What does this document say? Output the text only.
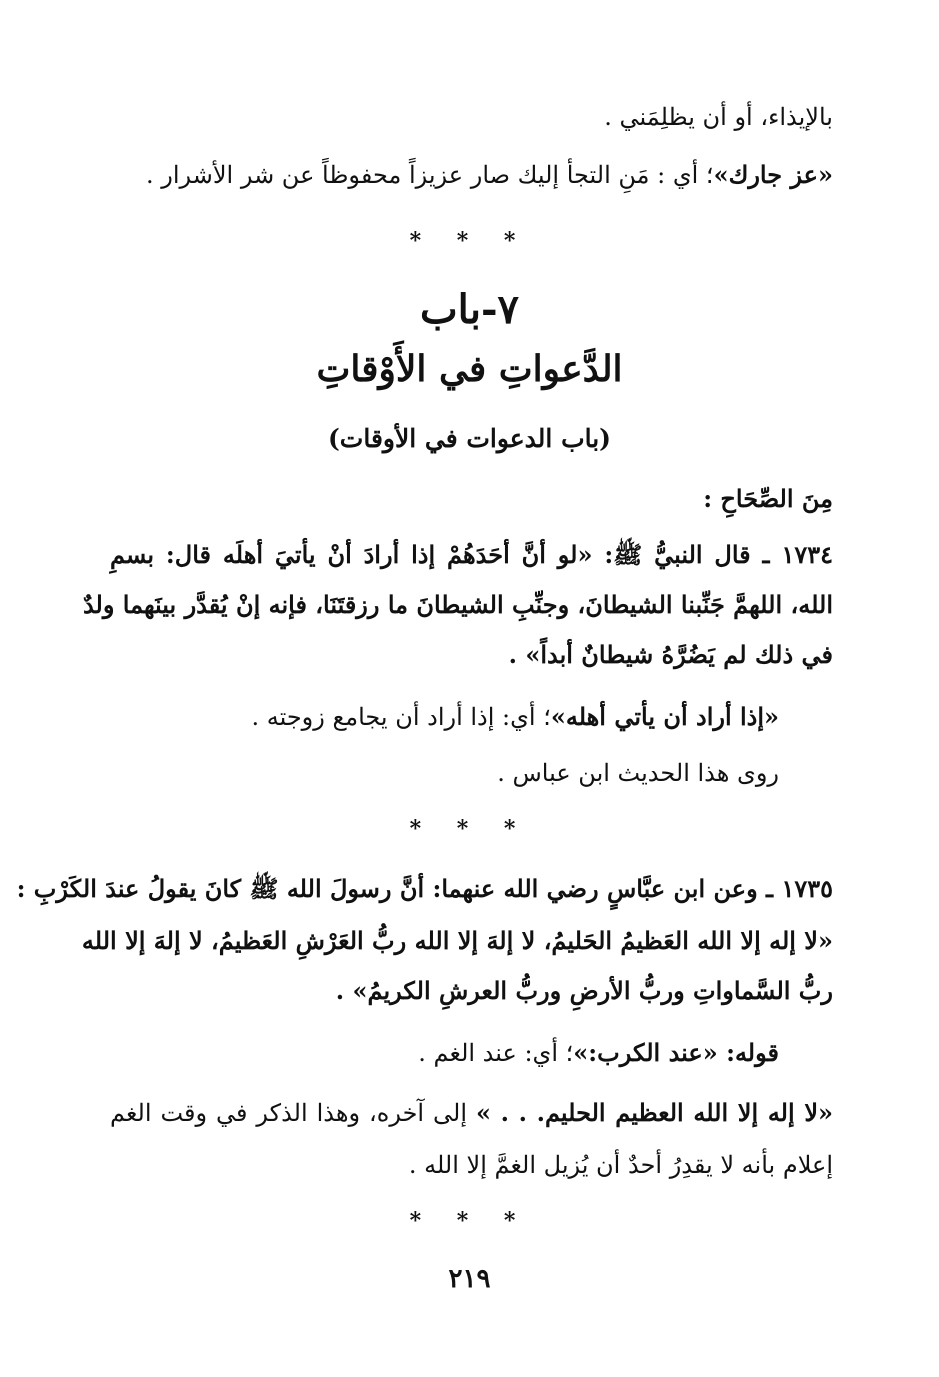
بالإيذاء، أو أن يظلِمَني .
«عز جارك»؛ أي : مَنِ التجأ إليك صار عزيزاً محفوظاً عن شر الأشرار .
* * *
٧-باب
الدَّعواتِ في الأَوْقاتِ
(باب الدعوات في الأوقات)
مِنَ الصِّحَاحِ :
١٧٣٤ ـ قال النبيُّ ﷺ: «لو أنَّ أحَدَهُمْ إذا أرادَ أنْ يأتيَ أهلَه قال: بسمِ
الله، اللهمَّ جَنِّبنا الشيطانَ، وجنِّبِ الشيطانَ ما رزقتَنَا، فإنه إنْ يُقدَّر بينَهما ولدٌ
في ذلك لم يَضُرَّهُ شيطانٌ أبداً» .
«إذا أراد أن يأتي أهله»؛ أي: إذا أراد أن يجامع زوجته .
روى هذا الحديث ابن عباس .
* * *
١٧٣٥ ـ وعن ابن عبَّاسٍ رضي الله عنهما: أنَّ رسولَ الله ﷺ كانَ يقولُ عندَ الكَرْبِ :
«لا إله إلا الله العَظيمُ الحَليمُ، لا إلهَ إلا الله ربُّ العَرْشِ العَظيمُ، لا إلهَ إلا الله
ربُّ السَّماواتِ وربُّ الأرضِ وربُّ العرشِ الكريمُ» .
قوله: «عند الكرب:»؛ أي: عند الغم .
«لا إله إلا الله العظيم الحليم. . . » إلى آخره، وهذا الذكر في وقت الغم
إعلام بأنه لا يقدِرُ أحدٌ أن يُزيل الغمَّ إلا الله .
* * *
٢١٩
